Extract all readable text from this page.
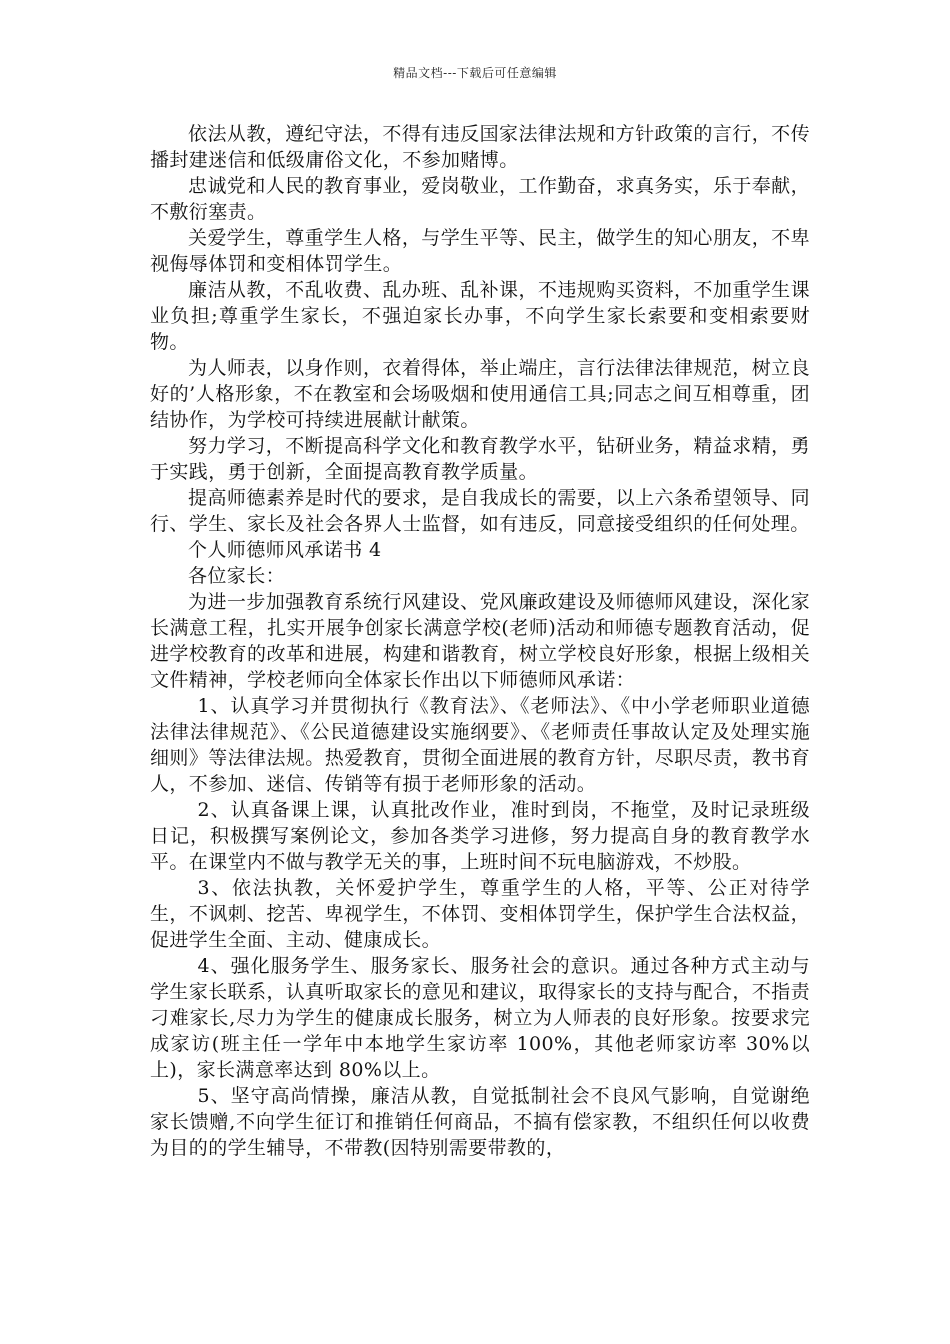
精品文档---下载后可任意编辑

依法从教，遵纪守法，不得有违反国家法律法规和方针政策的言行，不传播封建迷信和低级庸俗文化，不参加赌博。

忠诚党和人民的教育事业，爱岗敬业，工作勤奋，求真务实，乐于奉献，不敷衍塞责。

关爱学生，尊重学生人格，与学生平等、民主，做学生的知心朋友，不卑视侮辱体罚和变相体罚学生。

廉洁从教，不乱收费、乱办班、乱补课，不违规购买资料，不加重学生课业负担;尊重学生家长，不强迫家长办事，不向学生家长索要和变相索要财物。

为人师表，以身作则，衣着得体，举止端庄，言行法律法律规范，树立良好的’人格形象，不在教室和会场吸烟和使用通信工具;同志之间互相尊重，团结协作，为学校可持续进展献计献策。

努力学习，不断提高科学文化和教育教学水平，钻研业务，精益求精，勇于实践，勇于创新，全面提高教育教学质量。

提高师德素养是时代的要求，是自我成长的需要，以上六条希望领导、同行、学生、家长及社会各界人士监督，如有违反，同意接受组织的任何处理。

个人师德师风承诺书 4

各位家长：

为进一步加强教育系统行风建设、党风廉政建设及师德师风建设，深化家长满意工程，扎实开展争创家长满意学校(老师)活动和师德专题教育活动，促进学校教育的改革和进展，构建和谐教育，树立学校良好形象，根据上级相关文件精神，学校老师向全体家长作出以下师德师风承诺：

1、认真学习并贯彻执行《教育法》、《老师法》、《中小学老师职业道德法律法律规范》、《公民道德建设实施纲要》、《老师责任事故认定及处理实施细则》等法律法规。热爱教育，贯彻全面进展的教育方针，尽职尽责，教书育人，不参加、迷信、传销等有损于老师形象的活动。

2、认真备课上课，认真批改作业，准时到岗，不拖堂，及时记录班级日记，积极撰写案例论文，参加各类学习进修，努力提高自身的教育教学水平。在课堂内不做与教学无关的事，上班时间不玩电脑游戏，不炒股。

3、依法执教，关怀爱护学生，尊重学生的人格，平等、公正对待学生，不讽刺、挖苦、卑视学生，不体罚、变相体罚学生，保护学生合法权益，促进学生全面、主动、健康成长。

4、强化服务学生、服务家长、服务社会的意识。通过各种方式主动与学生家长联系，认真听取家长的意见和建议，取得家长的支持与配合，不指责刁难家长,尽力为学生的健康成长服务，树立为人师表的良好形象。按要求完成家访(班主任一学年中本地学生家访率 100%，其他老师家访率 30%以上)，家长满意率达到 80%以上。

5、坚守高尚情操，廉洁从教，自觉抵制社会不良风气影响，自觉谢绝家长馈赠,不向学生征订和推销任何商品，不搞有偿家教，不组织任何以收费为目的的学生辅导，不带教(因特别需要带教的，
